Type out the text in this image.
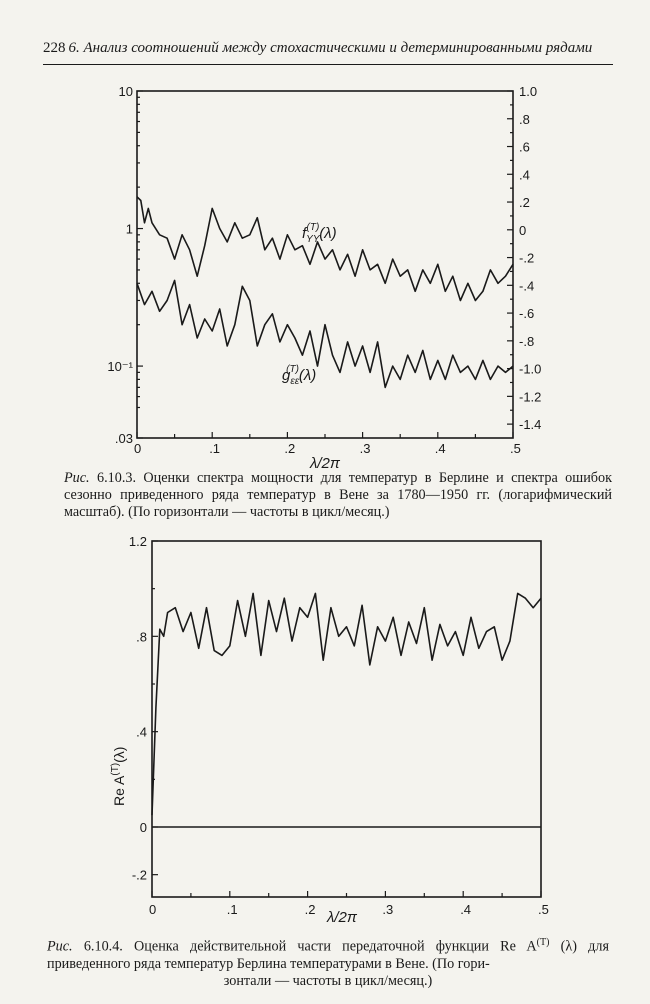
228 6. Анализ соотношений между стохастическими и детерминированными рядами
0	.1	.2	.3	.4	.5
10
1
10⁻¹
.03
1.0
.8
.6
.4
.2
0
-.2
-.4
-.6
-.8
-1.0
-1.2
-1.4
λ/2π
$f_{YY}(T)(\lambda)$
$g_{\varepsilon\varepsilon}(T)(\lambda)$
Рис. 6.10.3. Оценки спектра мощности для температур в Берлине и спектра ошибок сезонно приведенного ряда температур в Вене за 1780—1950 гг. (логарифмический масштаб). (По горизонтали — частоты в цикл/месяц.)
0	.1	.2	.3	.4	.5
1.2
.8
.4
0
-.2
λ/2π
Re $A^{(T)}(\lambda)$
Рис. 6.10.4. Оценка действительной части передаточной функции Re $A^{(T)}$ (λ) для приведенного ряда температур Берлина температурами в Вене. (По гори-
зонтали — частоты в цикл/месяц.)
